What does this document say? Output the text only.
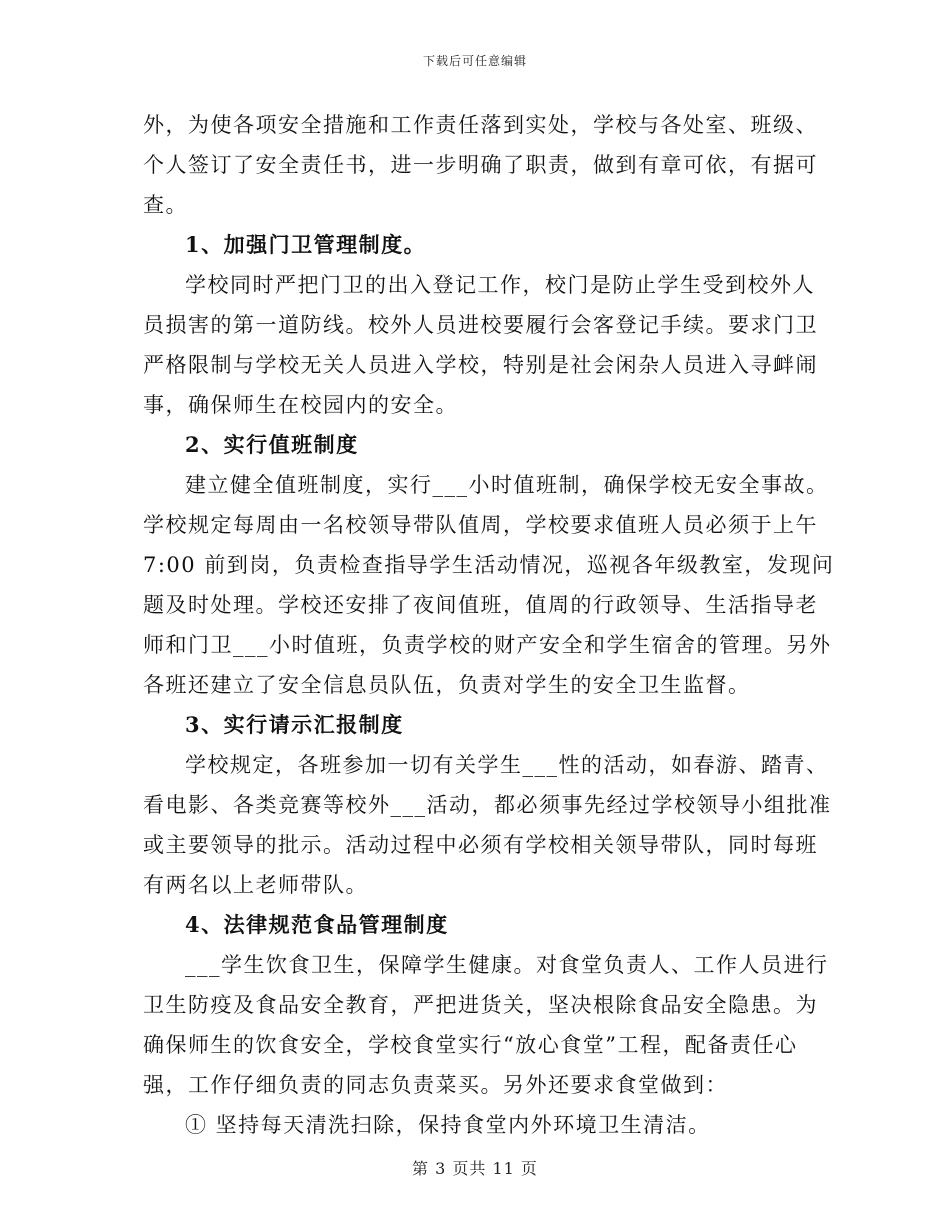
下载后可任意编辑
外，为使各项安全措施和工作责任落到实处，学校与各处室、班级、
个人签订了安全责任书，进一步明确了职责，做到有章可依，有据可
查。
1、加强门卫管理制度。
学校同时严把门卫的出入登记工作，校门是防止学生受到校外人
员损害的第一道防线。校外人员进校要履行会客登记手续。要求门卫
严格限制与学校无关人员进入学校，特别是社会闲杂人员进入寻衅闹
事，确保师生在校园内的安全。
2、实行值班制度
建立健全值班制度，实行___小时值班制，确保学校无安全事故。
学校规定每周由一名校领导带队值周，学校要求值班人员必须于上午
7:00 前到岗，负责检查指导学生活动情况，巡视各年级教室，发现问
题及时处理。学校还安排了夜间值班，值周的行政领导、生活指导老
师和门卫___小时值班，负责学校的财产安全和学生宿舍的管理。另外
各班还建立了安全信息员队伍，负责对学生的安全卫生监督。
3、实行请示汇报制度
学校规定，各班参加一切有关学生___性的活动，如春游、踏青、
看电影、各类竞赛等校外___活动，都必须事先经过学校领导小组批准
或主要领导的批示。活动过程中必须有学校相关领导带队，同时每班
有两名以上老师带队。
4、法律规范食品管理制度
___学生饮食卫生，保障学生健康。对食堂负责人、工作人员进行
卫生防疫及食品安全教育，严把进货关，坚决根除食品安全隐患。为
确保师生的饮食安全，学校食堂实行“放心食堂”工程，配备责任心
强，工作仔细负责的同志负责菜买。另外还要求食堂做到：
① 坚持每天清洗扫除，保持食堂内外环境卫生清洁。
第 3 页共 11 页
